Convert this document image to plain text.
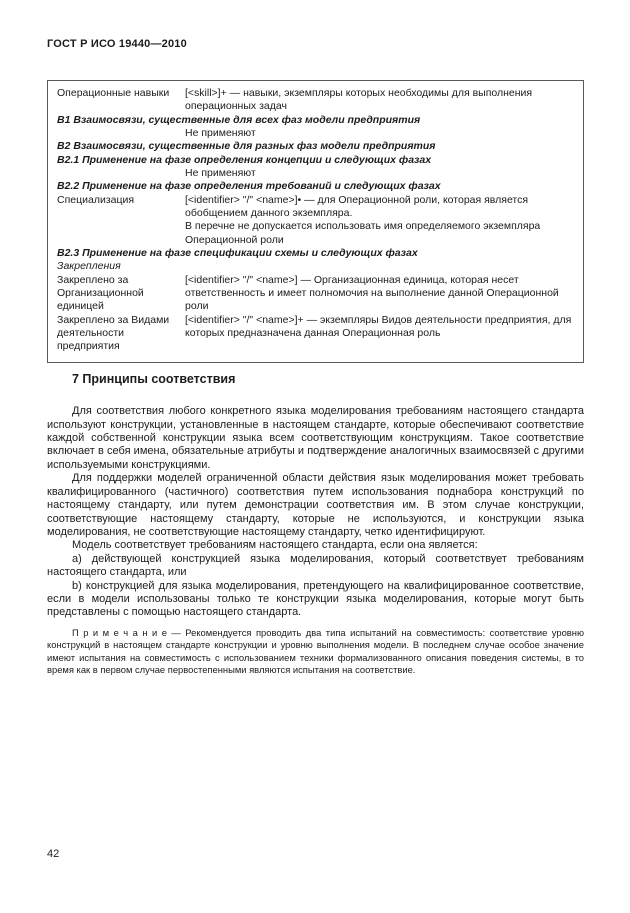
ГОСТ Р ИСО 19440—2010
Операционные навыки	[<skill>]+ — навыки, экземпляры которых необходимы для выполнения операционных задач
В1 Взаимосвязи, существенные для всех фаз модели предприятия
Не применяют
В2 Взаимосвязи, существенные для разных фаз модели предприятия
В2.1 Применение на фазе определения концепции и следующих фазах
Не применяют
В2.2 Применение на фазе определения требований и следующих фазах
Специализация	[<identifier> "/" <name>]• — для Операционной роли, которая является обобщением данного экземпляра.
В перечне не допускается использовать имя определяемого экземпляра Операционной роли
В2.3 Применение на фазе спецификации схемы и следующих фазах
Закрепления
Закреплено за Организационной единицей
[<identifier> "/" <name>] — Организационная единица, которая несет ответственность и имеет полномочия на выполнение данной Операционной роли
Закреплено за Видами деятельности предприятия
[<identifier> "/" <name>]+ — экземпляры Видов деятельности предприятия, для которых предназначена данная Операционная роль
7 Принципы соответствия

Для соответствия любого конкретного языка моделирования требованиям настоящего стандарта используют конструкции, установленные в настоящем стандарте, которые обеспечивают соответствие каждой собственной конструкции языка всем соответствующим конструкциям. Такое соответствие включает в себя имена, обязательные атрибуты и подтверждение аналогичных взаимосвязей с другими используемыми конструкциями.

Для поддержки моделей ограниченной области действия язык моделирования может требовать квалифицированного (частичного) соответствия путем использования поднабора конструкций по настоящему стандарту, или путем демонстрации соответствия им. В этом случае конструкции, соответствующие настоящему стандарту, которые не используются, и конструкции языка моделирования, не соответствующие настоящему стандарту, четко идентифицируют.

Модель соответствует требованиям настоящего стандарта, если она является:

а) действующей конструкцией языка моделирования, который соответствует требованиям настоящего стандарта, или

b) конструкцией для языка моделирования, претендующего на квалифицированное соответствие, если в модели использованы только те конструкции языка моделирования, которые могут быть представлены с помощью настоящего стандарта.

П р и м е ч а н и е — Рекомендуется проводить два типа испытаний на совместимость: соответствие уровню конструкций в настоящем стандарте конструкции и уровню выполнения модели. В последнем случае особое значение имеют испытания на совместимость с использованием техники формализованного описания поведения системы, в то время как в первом случае первостепенными являются испытания на соответствие.

42
